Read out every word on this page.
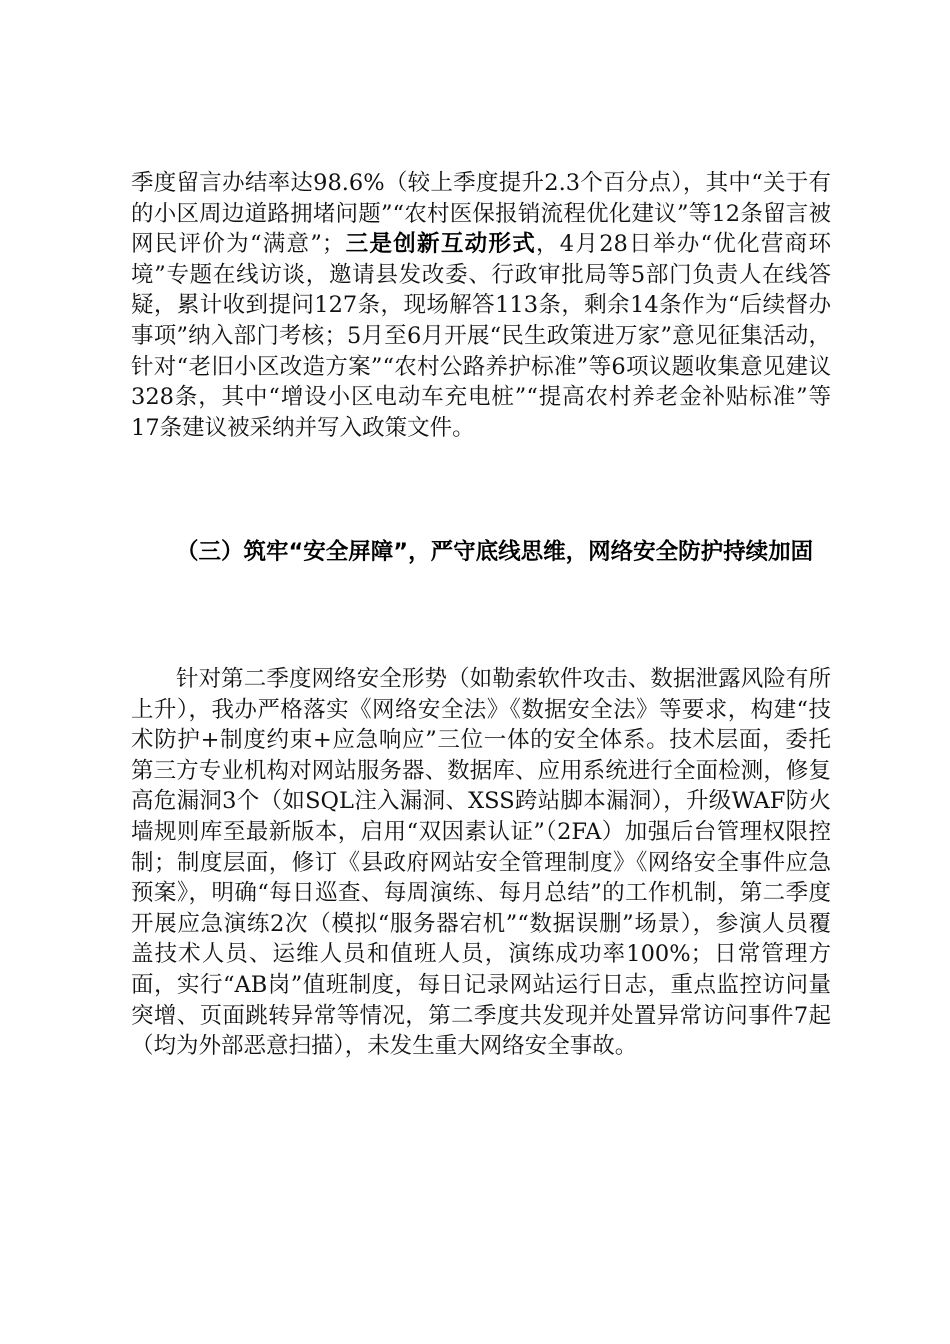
季度留言办结率达98.6%（较上季度提升2.3个百分点），其中“关于有的小区周边道路拥堵问题”“农村医保报销流程优化建议”等12条留言被网民评价为“满意”；三是创新互动形式，4月28日举办“优化营商环境”专题在线访谈，邀请县发改委、行政审批局等5部门负责人在线答疑，累计收到提问127条，现场解答113条，剩余14条作为“后续督办事项”纳入部门考核；5月至6月开展“民生政策进万家”意见征集活动，针对“老旧小区改造方案”“农村公路养护标准”等6项议题收集意见建议328条，其中“增设小区电动车充电桩”“提高农村养老金补贴标准”等17条建议被采纳并写入政策文件。

（三）筑牢“安全屏障”，严守底线思维，网络安全防护持续加固

针对第二季度网络安全形势（如勒索软件攻击、数据泄露风险有所上升），我办严格落实《网络安全法》《数据安全法》等要求，构建“技术防护+制度约束+应急响应”三位一体的安全体系。技术层面，委托第三方专业机构对网站服务器、数据库、应用系统进行全面检测，修复高危漏洞3个（如SQL注入漏洞、XSS跨站脚本漏洞），升级WAF防火墙规则库至最新版本，启用“双因素认证”（2FA）加强后台管理权限控制；制度层面，修订《县政府网站安全管理制度》《网络安全事件应急预案》，明确“每日巡查、每周演练、每月总结”的工作机制，第二季度开展应急演练2次（模拟“服务器宕机”“数据误删”场景），参演人员覆盖技术人员、运维人员和值班人员，演练成功率100%；日常管理方面，实行“AB岗”值班制度，每日记录网站运行日志，重点监控访问量突增、页面跳转异常等情况，第二季度共发现并处置异常访问事件7起（均为外部恶意扫描），未发生重大网络安全事故。
